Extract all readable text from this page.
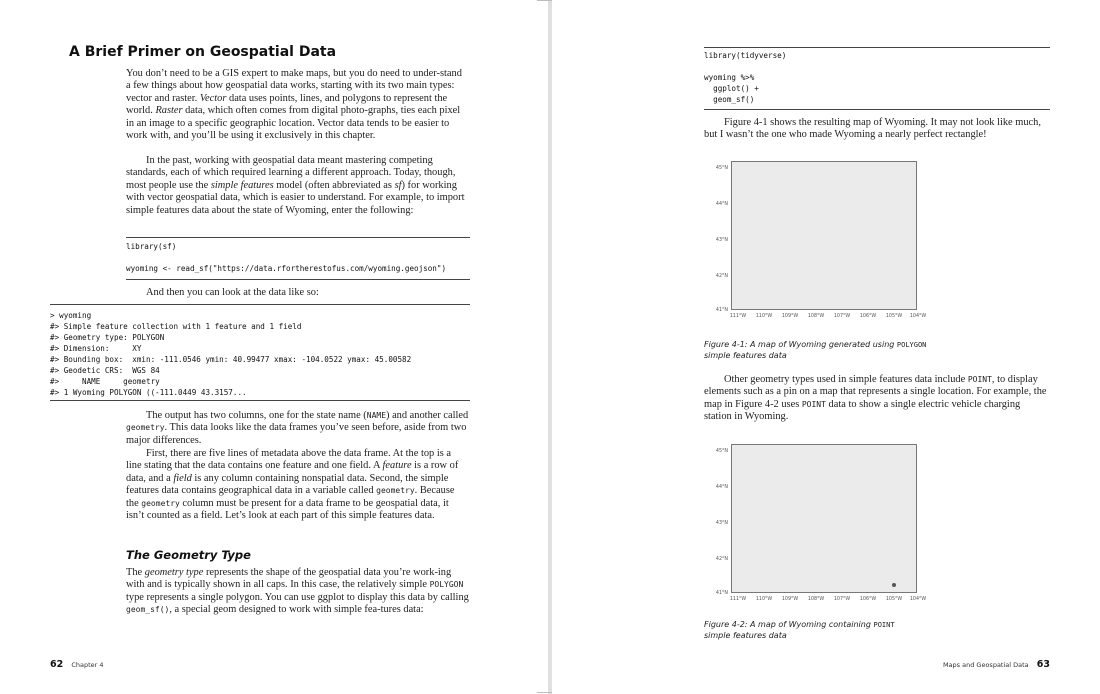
A Brief Primer on Geospatial Data

You don’t need to be a GIS expert to make maps, but you do need to under-stand a few things about how geospatial data works, starting with its two main types: vector and raster. Vector data uses points, lines, and polygons to represent the world. Raster data, which often comes from digital photo-graphs, ties each pixel in an image to a specific geographic location. Vector data tends to be easier to work with, and you’ll be using it exclusively in this chapter.

In the past, working with geospatial data meant mastering competing standards, each of which required learning a different approach. Today, though, most people use the simple features model (often abbreviated as sf) for working with vector geospatial data, which is easier to understand. For example, to import simple features data about the state of Wyoming, enter the following:

library(sf)

wyoming <- read_sf("https://data.rfortherestofus.com/wyoming.geojson")

And then you can look at the data like so:

> wyoming
#> Simple feature collection with 1 feature and 1 field
#> Geometry type: POLYGON
#> Dimension:     XY
#> Bounding box:  xmin: -111.0546 ymin: 40.99477 xmax: -104.0522 ymax: 45.00582
#> Geodetic CRS:  WGS 84
#>     NAME     geometry
#> 1 Wyoming POLYGON ((-111.0449 43.3157...

The output has two columns, one for the state name (NAME) and another called geometry. This data looks like the data frames you’ve seen before, aside from two major differences.

First, there are five lines of metadata above the data frame. At the top is a line stating that the data contains one feature and one field. A feature is a row of data, and a field is any column containing nonspatial data. Second, the simple features data contains geographical data in a variable called geometry. Because the geometry column must be present for a data frame to be geospatial data, it isn’t counted as a field. Let’s look at each part of this simple features data.

The Geometry Type

The geometry type represents the shape of the geospatial data you’re work-ing with and is typically shown in all caps. In this case, the relatively simple POLYGON type represents a single polygon. You can use ggplot to display this data by calling geom_sf(), a special geom designed to work with simple fea-tures data:

62 Chapter 4
library(tidyverse)

wyoming %>%
ggplot() +
geom_sf()

Figure 4-1 shows the resulting map of Wyoming. It may not look like much, but I wasn’t the one who made Wyoming a nearly perfect rectangle!

45°N
44°N
43°N
42°N
41°N
111°W 110°W 109°W 108°W 107°W 106°W 105°W 104°W
Figure 4-1: A map of Wyoming generated using POLYGON
simple features data

Other geometry types used in simple features data include POINT, to display elements such as a pin on a map that represents a single location. For example, the map in Figure 4-2 uses POINT data to show a single electric vehicle charging station in Wyoming.

45°N
44°N
43°N
42°N
41°N
111°W 110°W 109°W 108°W 107°W 106°W 105°W 104°W
Figure 4-2: A map of Wyoming containing POINT
simple features data
Maps and Geospatial Data 63
